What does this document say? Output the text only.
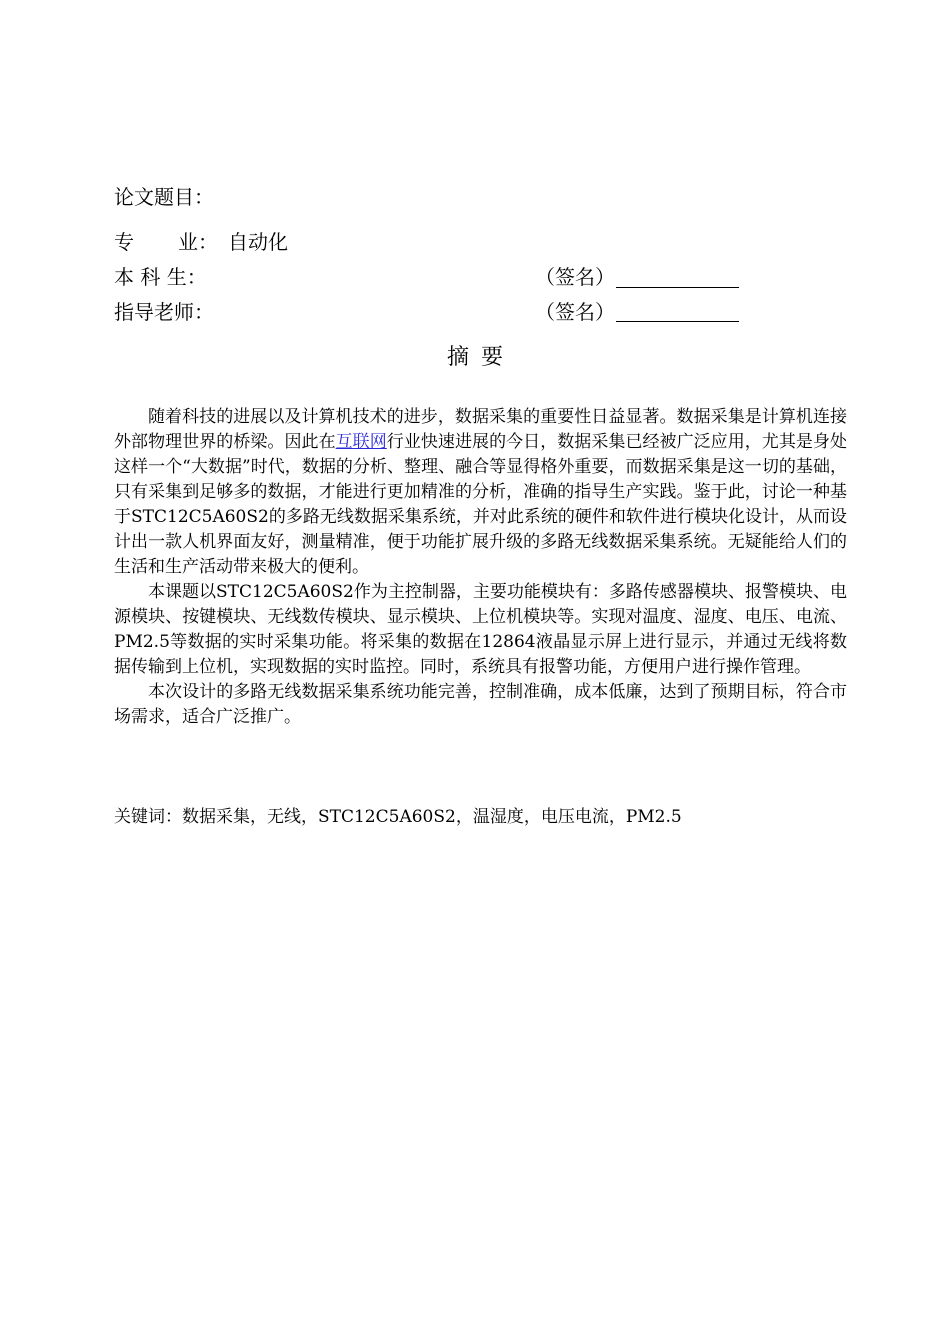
论文题目：
专 业： 自动化
本 科 生：	（签名）
指导老师：	（签名）
摘要

随着科技的进展以及计算机技术的进步，数据采集的重要性日益显著。数据采集是计算机连接外部物理世界的桥梁。因此在互联网行业快速进展的今日，数据采集已经被广泛应用，尤其是身处这样一个“大数据”时代，数据的分析、整理、融合等显得格外重要，而数据采集是这一切的基础，只有采集到足够多的数据，才能进行更加精准的分析，准确的指导生产实践。鉴于此，讨论一种基于STC12C5A60S2的多路无线数据采集系统，并对此系统的硬件和软件进行模块化设计，从而设计出一款人机界面友好，测量精准，便于功能扩展升级的多路无线数据采集系统。无疑能给人们的生活和生产活动带来极大的便利。

本课题以STC12C5A60S2作为主控制器，主要功能模块有：多路传感器模块、报警模块、电源模块、按键模块、无线数传模块、显示模块、上位机模块等。实现对温度、湿度、电压、电流、PM2.5等数据的实时采集功能。将采集的数据在12864液晶显示屏上进行显示，并通过无线将数据传输到上位机，实现数据的实时监控。同时，系统具有报警功能，方便用户进行操作管理。

本次设计的多路无线数据采集系统功能完善，控制准确，成本低廉，达到了预期目标，符合市场需求，适合广泛推广。

关键词：数据采集，无线，STC12C5A60S2，温湿度，电压电流，PM2.5
